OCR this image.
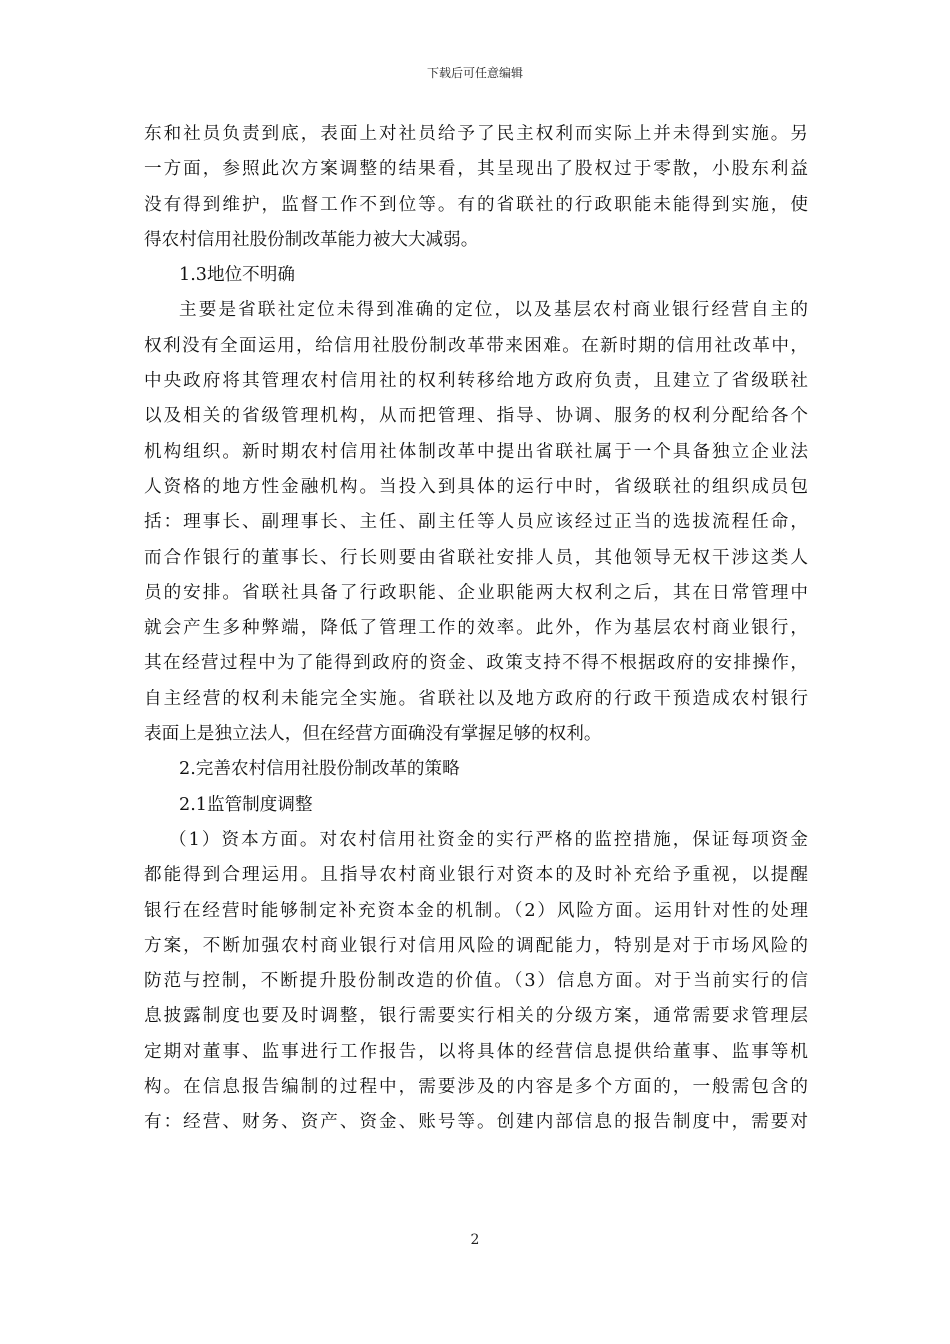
下载后可任意编辑
东和社员负责到底，表面上对社员给予了民主权利而实际上并未得到实施。另
一方面，参照此次方案调整的结果看，其呈现出了股权过于零散，小股东利益
没有得到维护，监督工作不到位等。有的省联社的行政职能未能得到实施，使
得农村信用社股份制改革能力被大大减弱。
1.3地位不明确
主要是省联社定位未得到准确的定位，以及基层农村商业银行经营自主的
权利没有全面运用，给信用社股份制改革带来困难。在新时期的信用社改革中，
中央政府将其管理农村信用社的权利转移给地方政府负责，且建立了省级联社
以及相关的省级管理机构，从而把管理、指导、协调、服务的权利分配给各个
机构组织。新时期农村信用社体制改革中提出省联社属于一个具备独立企业法
人资格的地方性金融机构。当投入到具体的运行中时，省级联社的组织成员包
括：理事长、副理事长、主任、副主任等人员应该经过正当的选拔流程任命，
而合作银行的董事长、行长则要由省联社安排人员，其他领导无权干涉这类人
员的安排。省联社具备了行政职能、企业职能两大权利之后，其在日常管理中
就会产生多种弊端，降低了管理工作的效率。此外，作为基层农村商业银行，
其在经营过程中为了能得到政府的资金、政策支持不得不根据政府的安排操作，
自主经营的权利未能完全实施。省联社以及地方政府的行政干预造成农村银行
表面上是独立法人，但在经营方面确没有掌握足够的权利。
2.完善农村信用社股份制改革的策略
2.1监管制度调整
（1）资本方面。对农村信用社资金的实行严格的监控措施，保证每项资金
都能得到合理运用。且指导农村商业银行对资本的及时补充给予重视，以提醒
银行在经营时能够制定补充资本金的机制。（2）风险方面。运用针对性的处理
方案，不断加强农村商业银行对信用风险的调配能力，特别是对于市场风险的
防范与控制，不断提升股份制改造的价值。（3）信息方面。对于当前实行的信
息披露制度也要及时调整，银行需要实行相关的分级方案，通常需要求管理层
定期对董事、监事进行工作报告，以将具体的经营信息提供给董事、监事等机
构。在信息报告编制的过程中，需要涉及的内容是多个方面的，一般需包含的
有：经营、财务、资产、资金、账号等。创建内部信息的报告制度中，需要对
2
